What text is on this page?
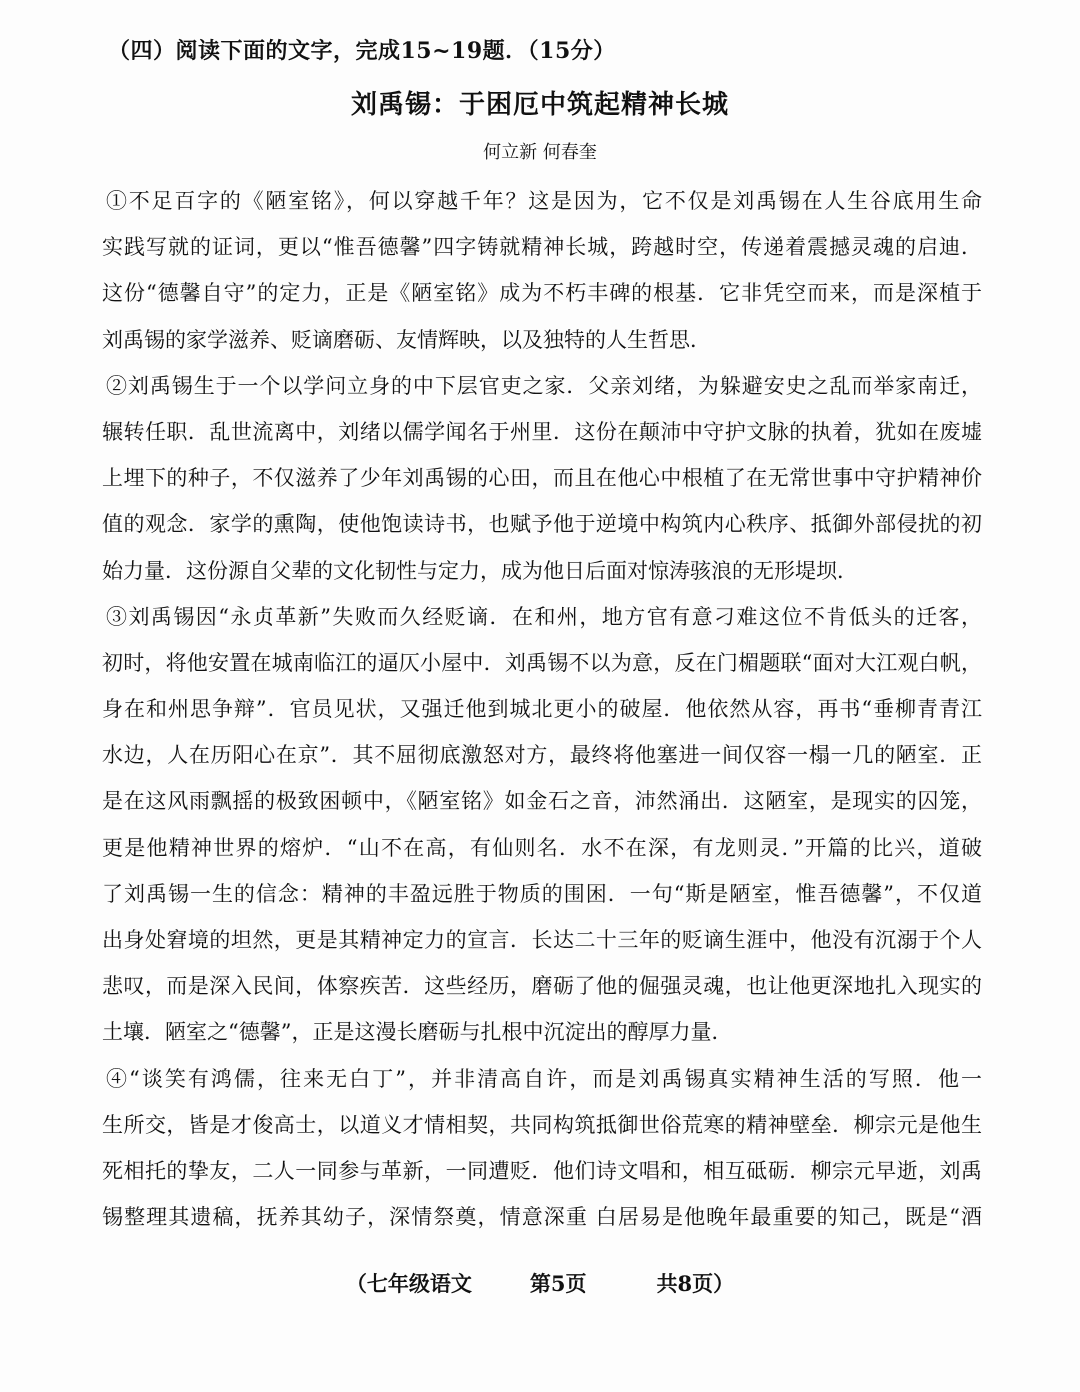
（四）阅读下面的文字，完成15~19题．（15分）
刘禹锡：于困厄中筑起精神长城
何立新 何春奎
①不足百字的《陋室铭》，何以穿越千年？这是因为，它不仅是刘禹锡在人生谷底用生命
实践写就的证词，更以“惟吾德馨”四字铸就精神长城，跨越时空，传递着震撼灵魂的启迪．
这份“德馨自守”的定力，正是《陋室铭》成为不朽丰碑的根基．它非凭空而来，而是深植于
刘禹锡的家学滋养、贬谪磨砺、友情辉映，以及独特的人生哲思．
②刘禹锡生于一个以学问立身的中下层官吏之家．父亲刘绪，为躲避安史之乱而举家南迁，
辗转任职．乱世流离中，刘绪以儒学闻名于州里．这份在颠沛中守护文脉的执着，犹如在废墟
上埋下的种子，不仅滋养了少年刘禹锡的心田，而且在他心中根植了在无常世事中守护精神价
值的观念．家学的熏陶，使他饱读诗书，也赋予他于逆境中构筑内心秩序、抵御外部侵扰的初
始力量．这份源自父辈的文化韧性与定力，成为他日后面对惊涛骇浪的无形堤坝．
③刘禹锡因“永贞革新”失败而久经贬谪．在和州，地方官有意刁难这位不肯低头的迁客，
初时，将他安置在城南临江的逼仄小屋中．刘禹锡不以为意，反在门楣题联“面对大江观白帆，
身在和州思争辩”．官员见状，又强迁他到城北更小的破屋．他依然从容，再书“垂柳青青江
水边，人在历阳心在京”．其不屈彻底激怒对方，最终将他塞进一间仅容一榻一几的陋室．正
是在这风雨飘摇的极致困顿中，《陋室铭》如金石之音，沛然涌出．这陋室，是现实的囚笼，
更是他精神世界的熔炉．“山不在高，有仙则名．水不在深，有龙则灵．”开篇的比兴，道破
了刘禹锡一生的信念：精神的丰盈远胜于物质的围困．一句“斯是陋室，惟吾德馨”，不仅道
出身处窘境的坦然，更是其精神定力的宣言．长达二十三年的贬谪生涯中，他没有沉溺于个人
悲叹，而是深入民间，体察疾苦．这些经历，磨砺了他的倔强灵魂，也让他更深地扎入现实的
土壤．陋室之“德馨”，正是这漫长磨砺与扎根中沉淀出的醇厚力量．
④“谈笑有鸿儒，往来无白丁”，并非清高自许，而是刘禹锡真实精神生活的写照．他一
生所交，皆是才俊高士，以道义才情相契，共同构筑抵御世俗荒寒的精神壁垒．柳宗元是他生
死相托的挚友，二人一同参与革新，一同遭贬．他们诗文唱和，相互砥砺．柳宗元早逝，刘禹
锡整理其遗稿，抚养其幼子，深情祭奠，情意深重 白居易是他晚年最重要的知己，既是“酒
（七年级语文	第5页	共8页）
